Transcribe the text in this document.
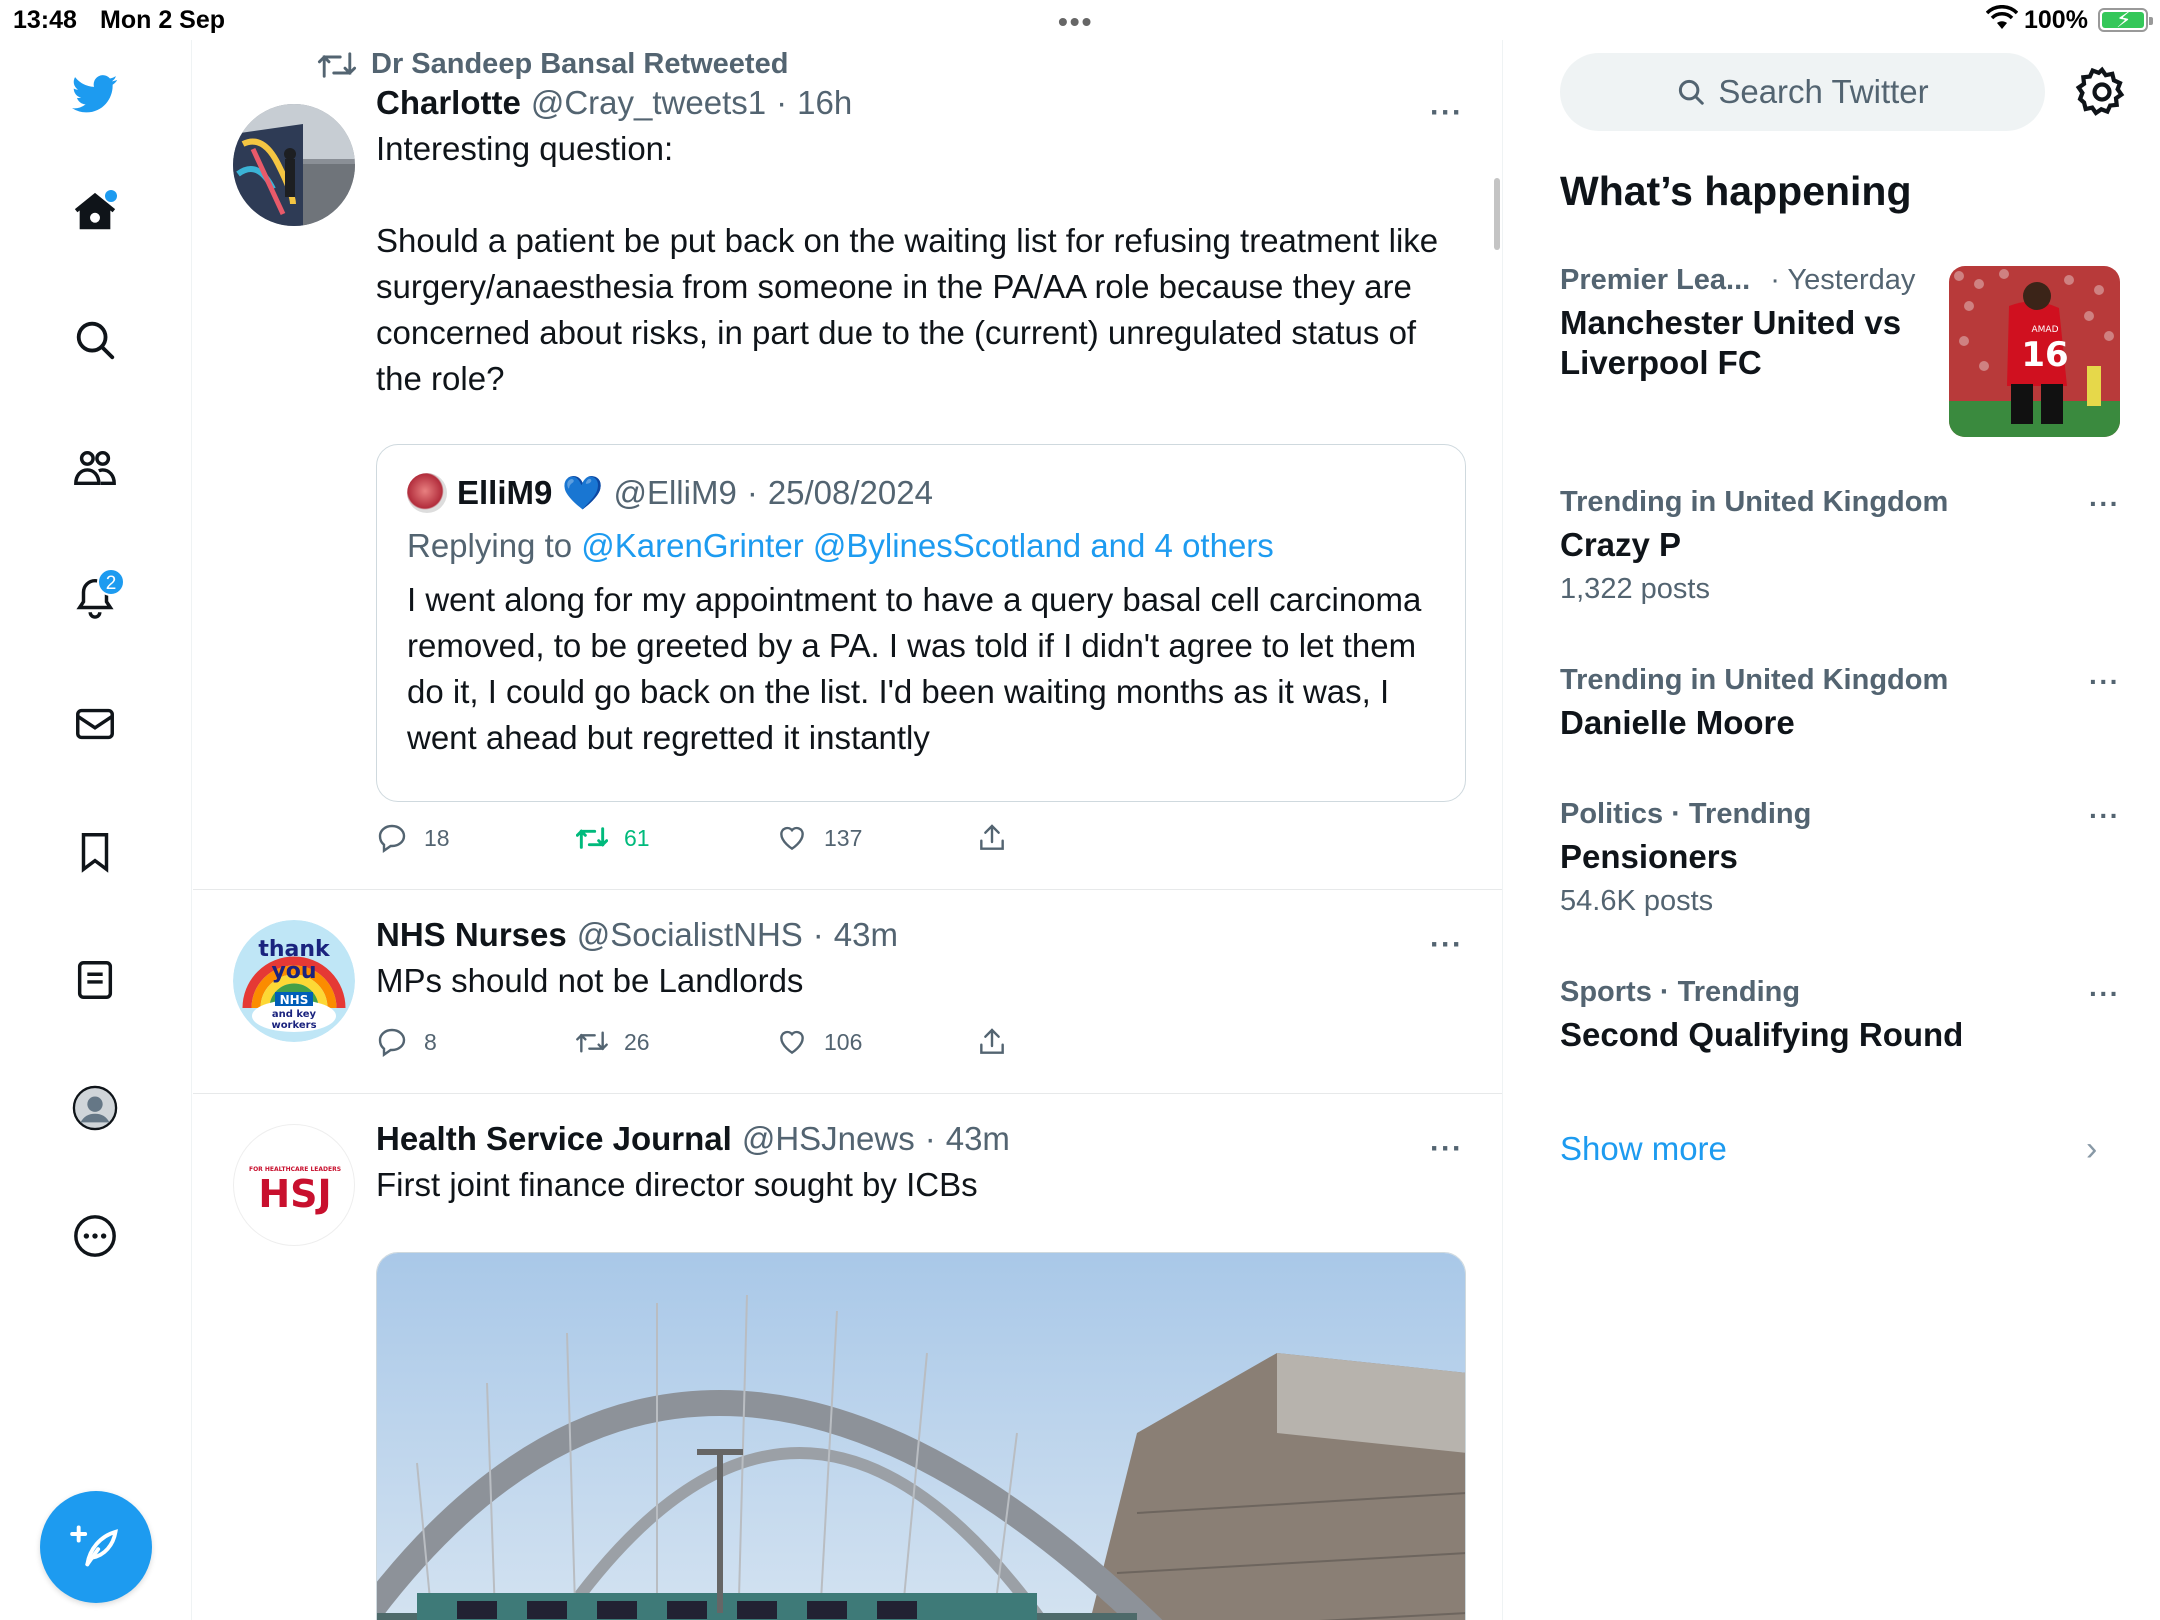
13:48 Mon 2 Sep	•••	100% ⚡
2
Dr Sandeep Bansal Retweeted
Charlotte @Cray_tweets1 · 16h
Interesting question:

Should a patient be put back on the waiting list for refusing treatment like surgery/anaesthesia from someone in the PA/AA role because they are concerned about risks, in part due to the (current) unregulated status of the role?
···
ElliM9 💙 @ElliM9 · 25/08/2024
Replying to @KarenGrinter @BylinesScotland and 4 others
I went along for my appointment to have a query basal cell carcinoma removed, to be greeted by a PA. I was told if I didn't agree to let them do it, I could go back on the list. I'd been waiting months as it was, I went ahead but regretted it instantly
18	61	137
thank
you
NHS
and key
workers
NHS Nurses @SocialistNHS · 43m
MPs should not be Landlords
···
8	26	106
FOR HEALTHCARE LEADERS
HSJ
Health Service Journal @HSJnews · 43m
First joint finance director sought by ICBs
···
Search Twitter
What’s happening
Premier Lea... · Yesterday
Manchester United vs Liverpool FC
AMAD
16
Trending in United Kingdom
Crazy P
1,322 posts
···
Trending in United Kingdom
Danielle Moore
···
Politics · Trending
Pensioners
54.6K posts
···
Sports · Trending
Second Qualifying Round
···
Show more	›
